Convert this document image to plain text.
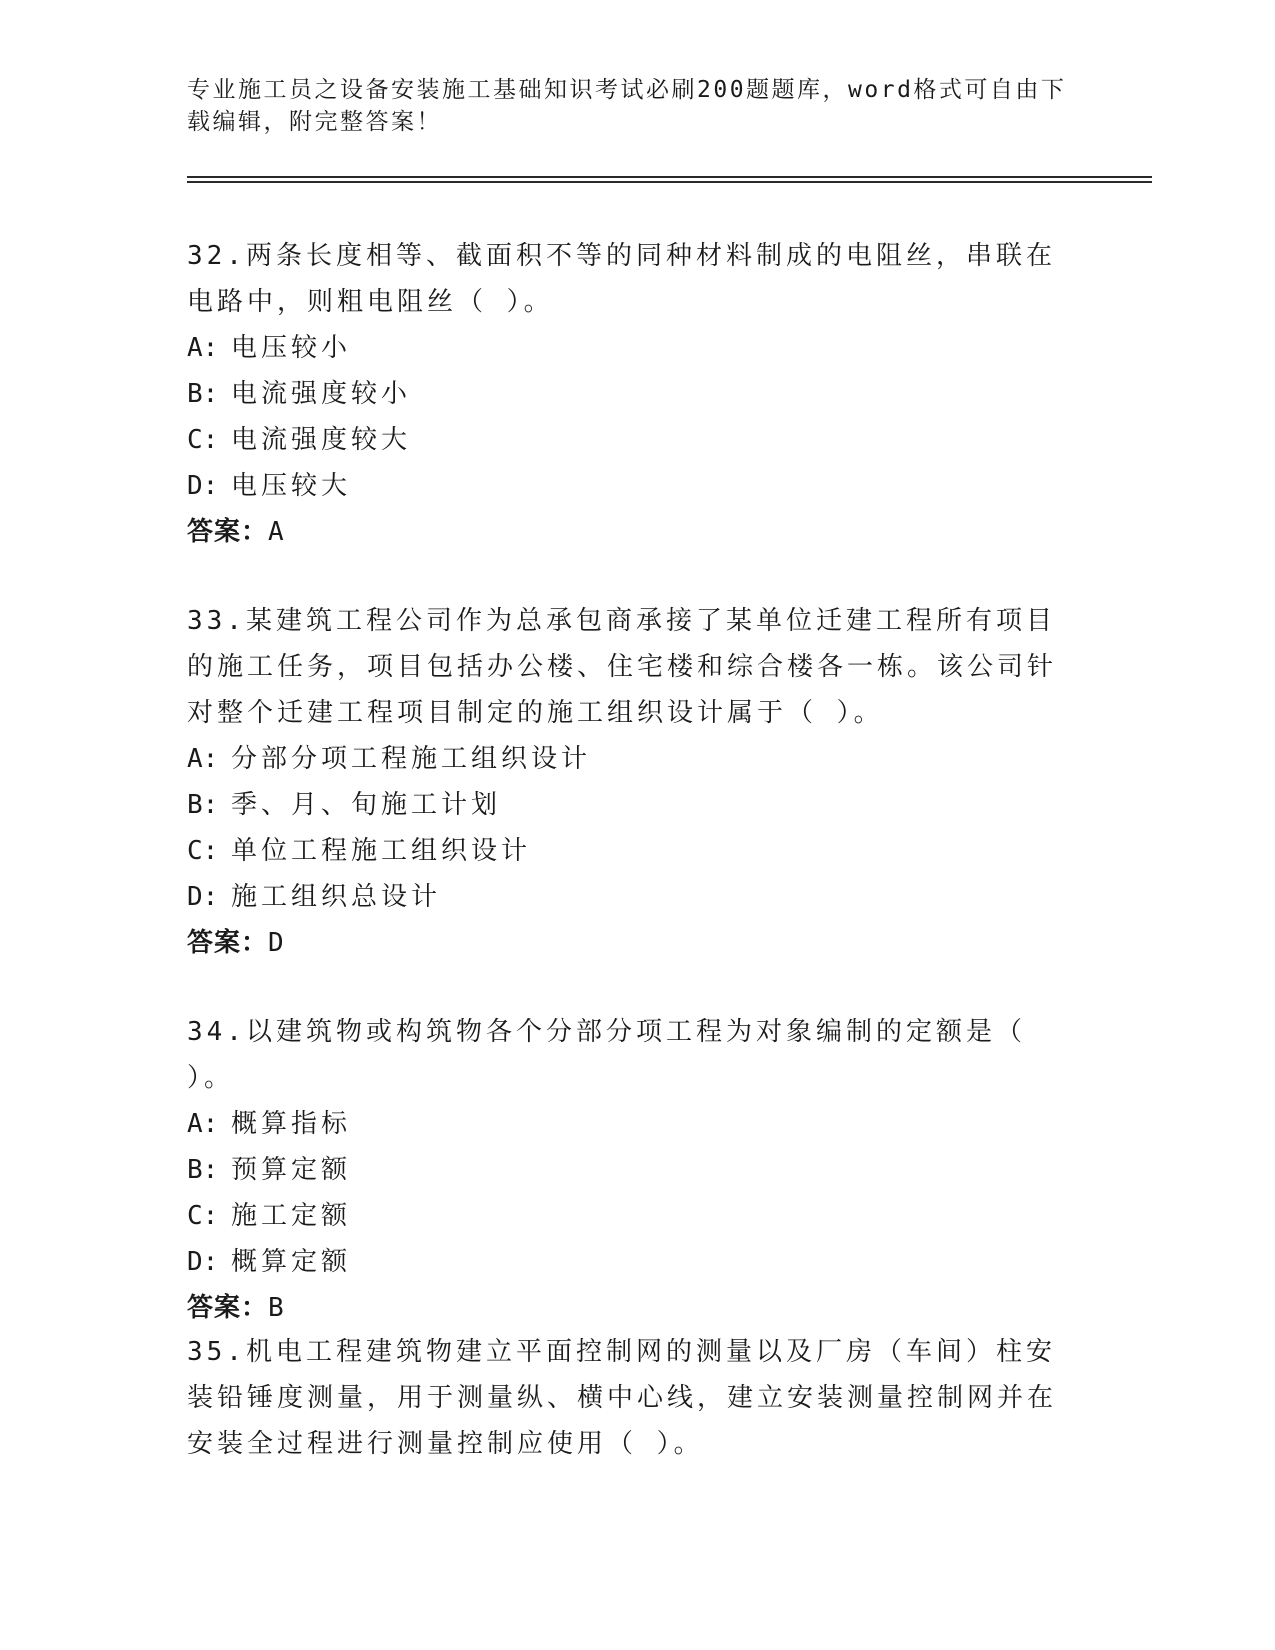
专业施工员之设备安装施工基础知识考试必刷200题题库，word格式可自由下载编辑，附完整答案！

32.两条长度相等、截面积不等的同种材料制成的电阻丝，串联在电路中，则粗电阻丝（ ）。

A: 电压较小

B: 电流强度较小

C: 电流强度较大

D: 电压较大

答案：A

33.某建筑工程公司作为总承包商承接了某单位迁建工程所有项目的施工任务，项目包括办公楼、住宅楼和综合楼各一栋。该公司针对整个迁建工程项目制定的施工组织设计属于（ ）。

A: 分部分项工程施工组织设计

B: 季、月、旬施工计划

C: 单位工程施工组织设计

D: 施工组织总设计

答案：D

34.以建筑物或构筑物各个分部分项工程为对象编制的定额是（ ）。

A: 概算指标

B: 预算定额

C: 施工定额

D: 概算定额

答案：B

35.机电工程建筑物建立平面控制网的测量以及厂房（车间）柱安装铅锤度测量，用于测量纵、横中心线，建立安装测量控制网并在安装全过程进行测量控制应使用（ ）。
